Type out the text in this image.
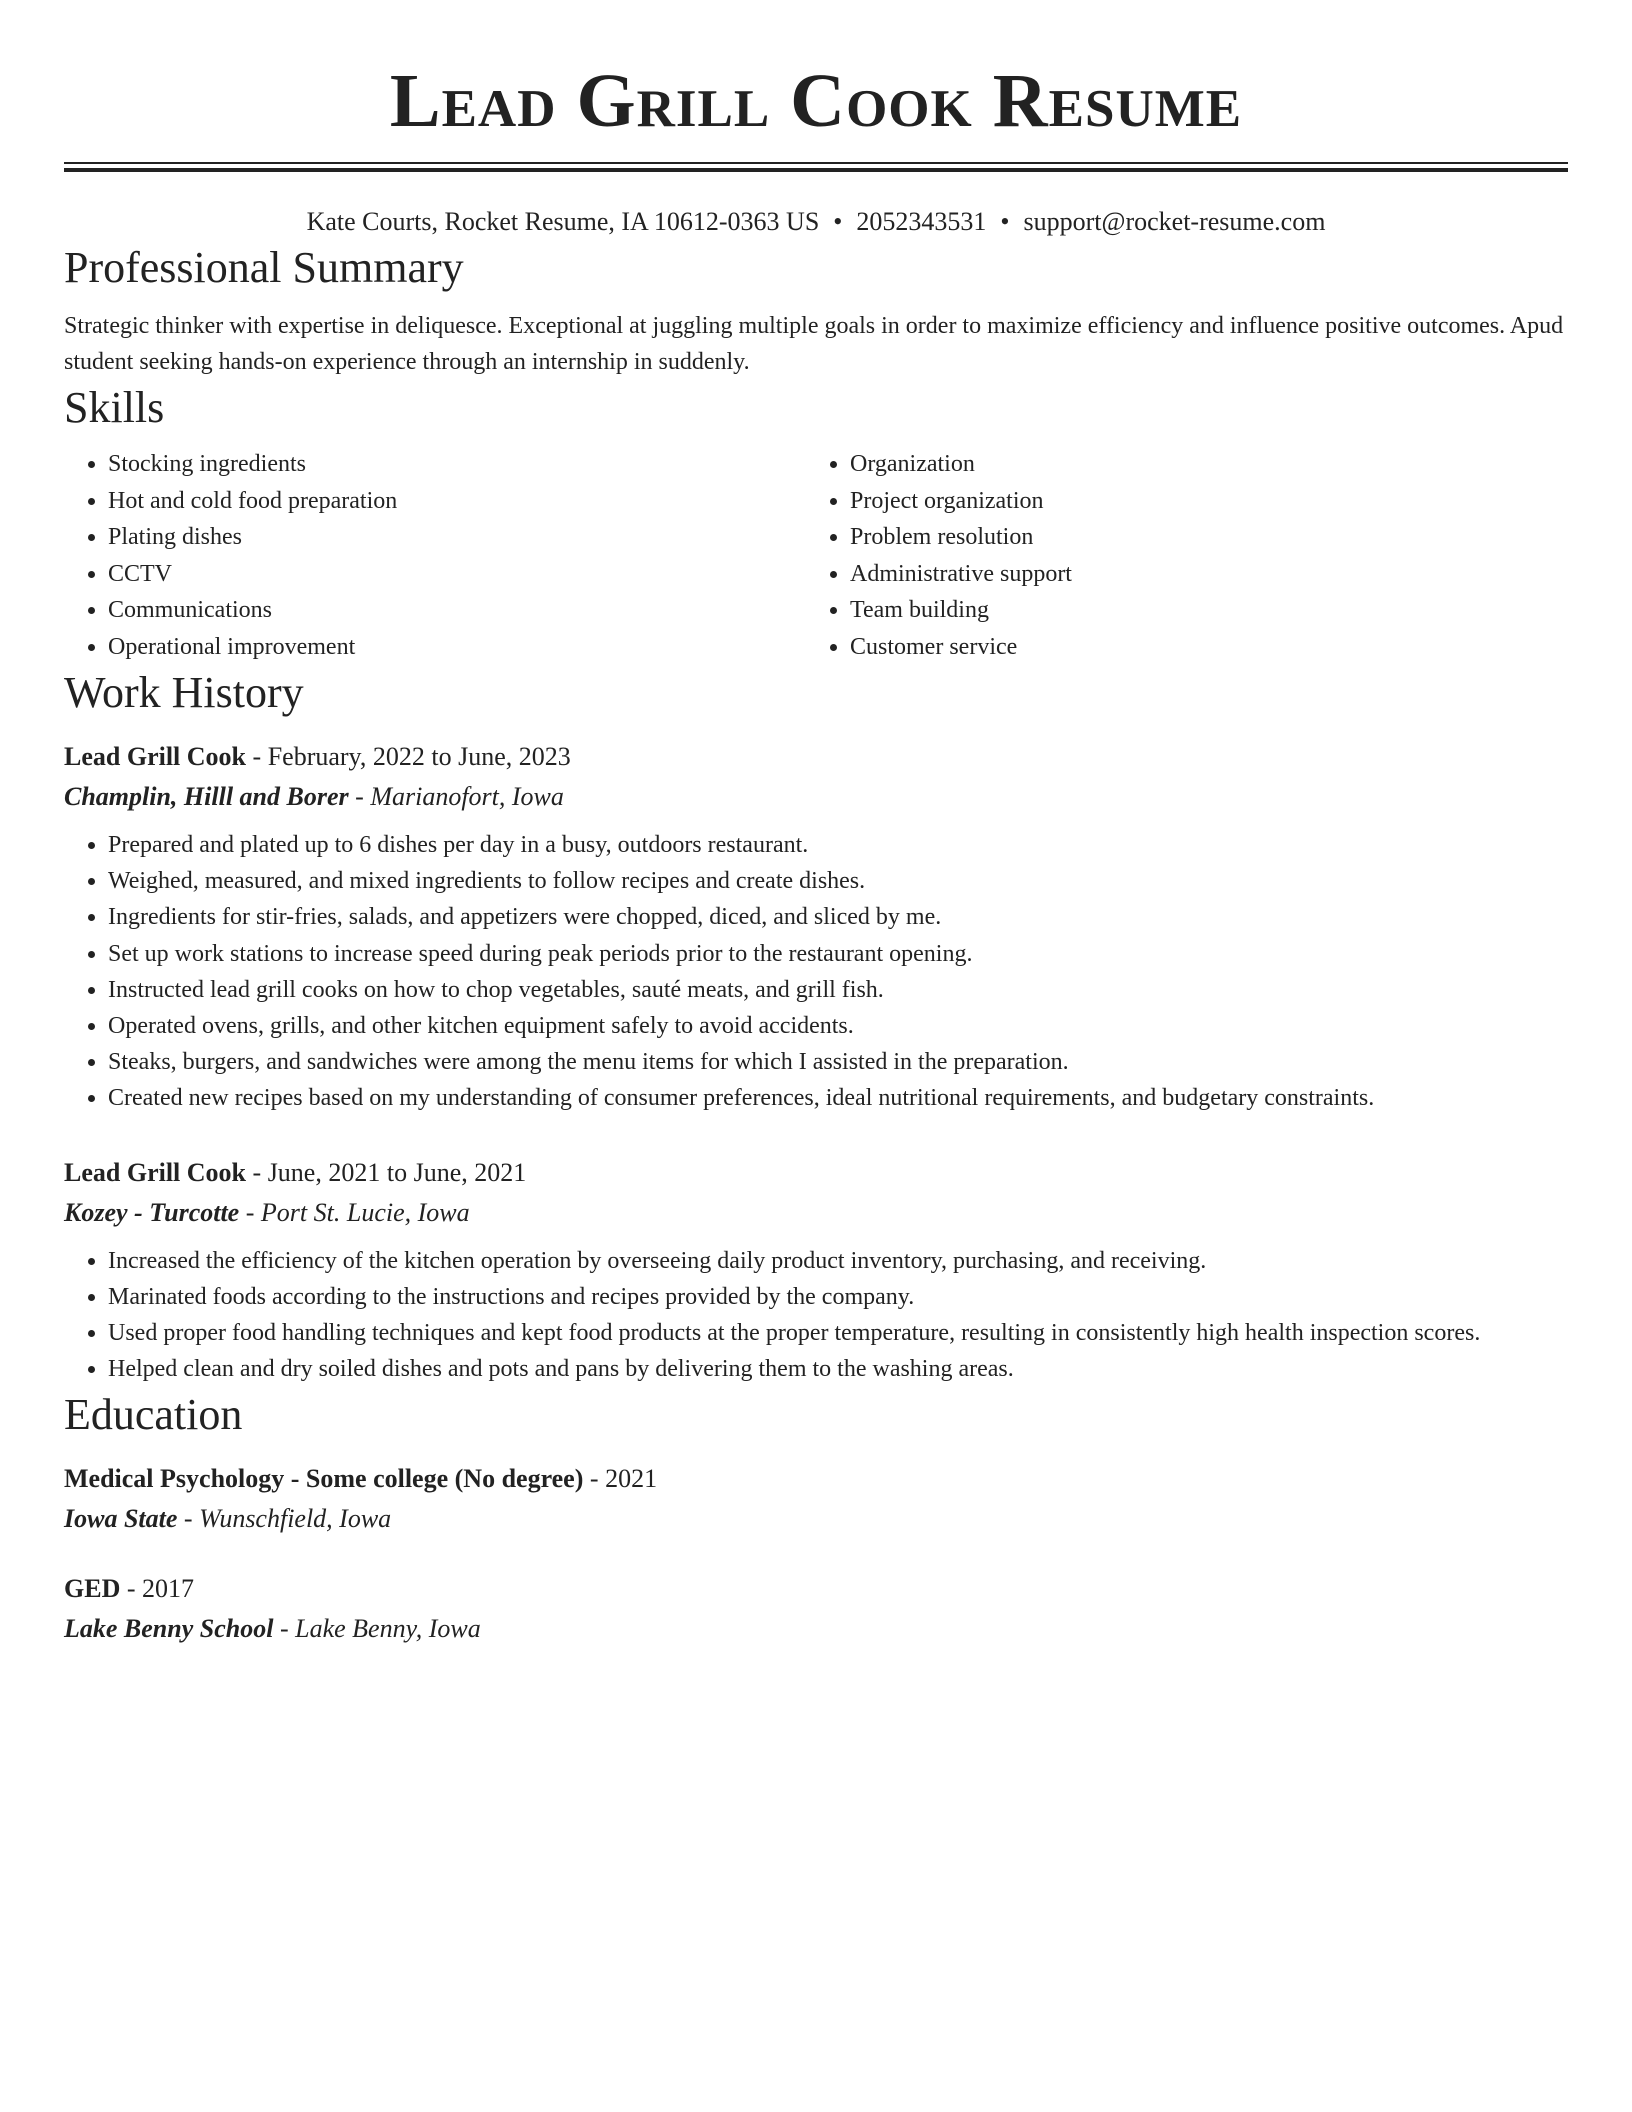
Lead Grill Cook Resume
Kate Courts, Rocket Resume, IA 10612-0363 US • 2052343531 • support@rocket-resume.com
Professional Summary
Strategic thinker with expertise in deliquesce. Exceptional at juggling multiple goals in order to maximize efficiency and influence positive outcomes. Apud student seeking hands-on experience through an internship in suddenly.
Skills
• Stocking ingredients
• Hot and cold food preparation
• Plating dishes
• CCTV
• Communications
• Operational improvement
• Organization
• Project organization
• Problem resolution
• Administrative support
• Team building
• Customer service
Work History
Lead Grill Cook - February, 2022 to June, 2023
Champlin, Hilll and Borer - Marianofort, Iowa
• Prepared and plated up to 6 dishes per day in a busy, outdoors restaurant.
• Weighed, measured, and mixed ingredients to follow recipes and create dishes.
• Ingredients for stir-fries, salads, and appetizers were chopped, diced, and sliced by me.
• Set up work stations to increase speed during peak periods prior to the restaurant opening.
• Instructed lead grill cooks on how to chop vegetables, sauté meats, and grill fish.
• Operated ovens, grills, and other kitchen equipment safely to avoid accidents.
• Steaks, burgers, and sandwiches were among the menu items for which I assisted in the preparation.
• Created new recipes based on my understanding of consumer preferences, ideal nutritional requirements, and budgetary constraints.
Lead Grill Cook - June, 2021 to June, 2021
Kozey - Turcotte - Port St. Lucie, Iowa
• Increased the efficiency of the kitchen operation by overseeing daily product inventory, purchasing, and receiving.
• Marinated foods according to the instructions and recipes provided by the company.
• Used proper food handling techniques and kept food products at the proper temperature, resulting in consistently high health inspection scores.
• Helped clean and dry soiled dishes and pots and pans by delivering them to the washing areas.
Education
Medical Psychology - Some college (No degree) - 2021
Iowa State - Wunschfield, Iowa
GED - 2017
Lake Benny School - Lake Benny, Iowa
